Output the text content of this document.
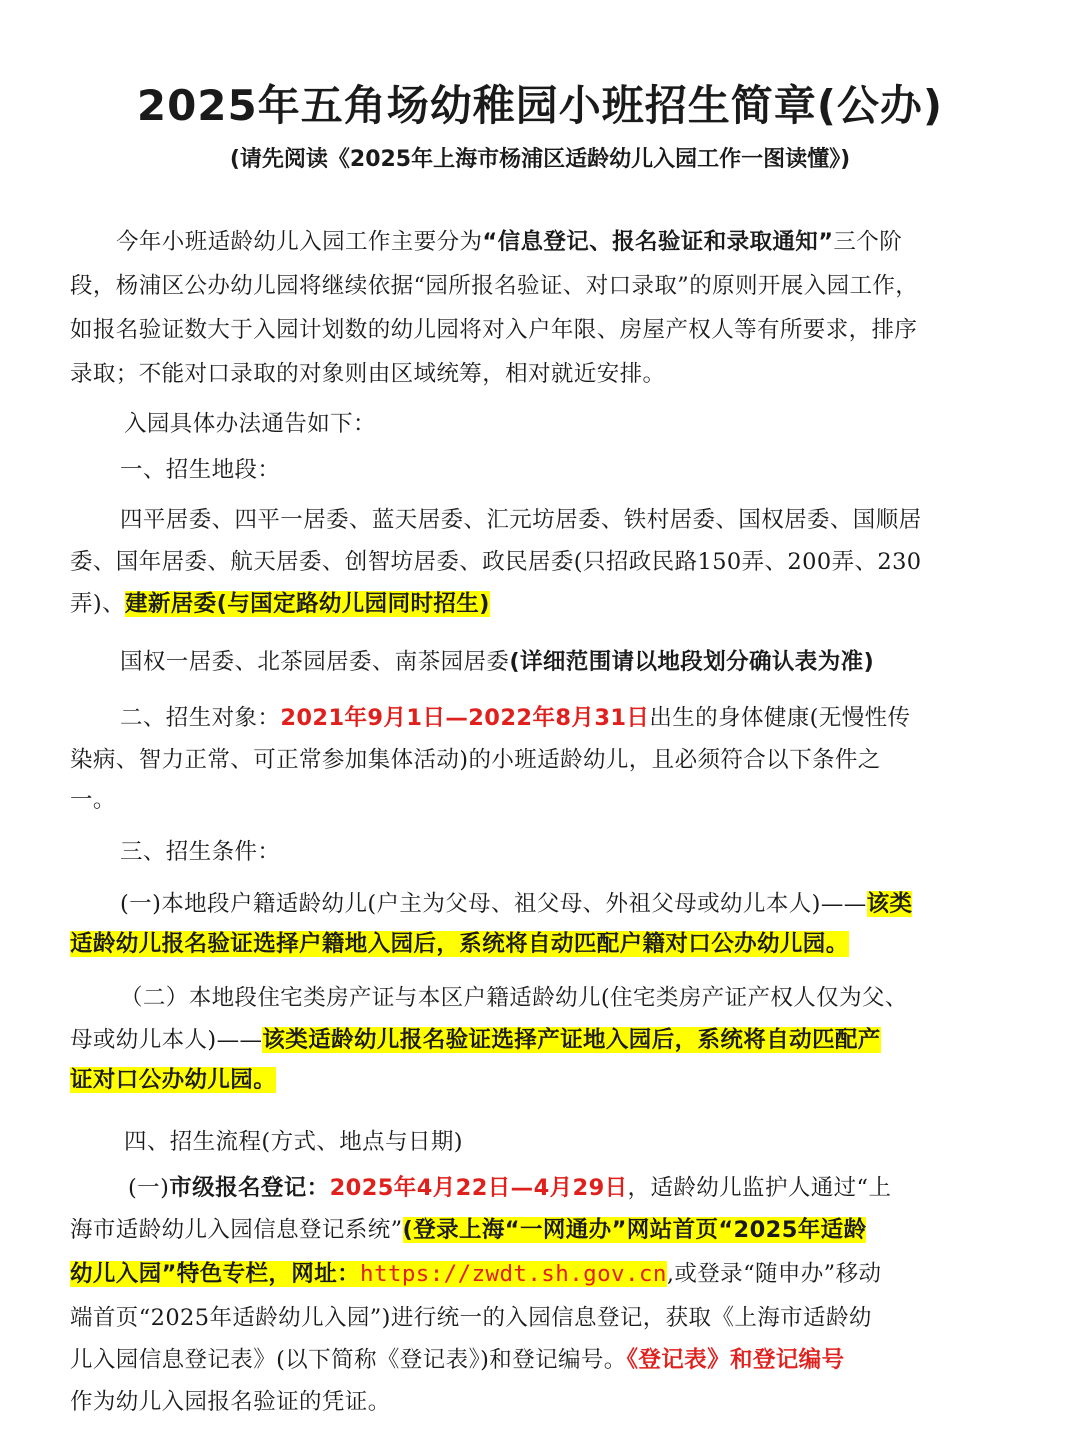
2025年五角场幼稚园小班招生简章(公办)
(请先阅读《2025年上海市杨浦区适龄幼儿入园工作一图读懂》)
今年小班适龄幼儿入园工作主要分为“信息登记、报名验证和录取通知”三个阶
段，杨浦区公办幼儿园将继续依据“园所报名验证、对口录取”的原则开展入园工作，
如报名验证数大于入园计划数的幼儿园将对入户年限、房屋产权人等有所要求，排序
录取；不能对口录取的对象则由区域统筹，相对就近安排。
入园具体办法通告如下：
一、招生地段：
四平居委、四平一居委、蓝天居委、汇元坊居委、铁村居委、国权居委、国顺居
委、国年居委、航天居委、创智坊居委、政民居委(只招政民路150弄、200弄、230
弄)、建新居委(与国定路幼儿园同时招生)
国权一居委、北茶园居委、南茶园居委(详细范围请以地段划分确认表为准)
二、招生对象：2021年9月1日—2022年8月31日出生的身体健康(无慢性传
染病、智力正常、可正常参加集体活动)的小班适龄幼儿，且必须符合以下条件之
一。
三、招生条件：
(一)本地段户籍适龄幼儿(户主为父母、祖父母、外祖父母或幼儿本人)——该类
适龄幼儿报名验证选择户籍地入园后，系统将自动匹配户籍对口公办幼儿园。
（二）本地段住宅类房产证与本区户籍适龄幼儿(住宅类房产证产权人仅为父、
母或幼儿本人)——该类适龄幼儿报名验证选择产证地入园后，系统将自动匹配产
证对口公办幼儿园。
四、招生流程(方式、地点与日期)
(一)市级报名登记：2025年4月22日—4月29日，适龄幼儿监护人通过“上
海市适龄幼儿入园信息登记系统”(登录上海“一网通办”网站首页“2025年适龄
幼儿入园”特色专栏，网址：https://zwdt.sh.gov.cn,或登录“随申办”移动
端首页“2025年适龄幼儿入园”)进行统一的入园信息登记，获取《上海市适龄幼
儿入园信息登记表》(以下简称《登记表》)和登记编号。《登记表》和登记编号
作为幼儿入园报名验证的凭证。
